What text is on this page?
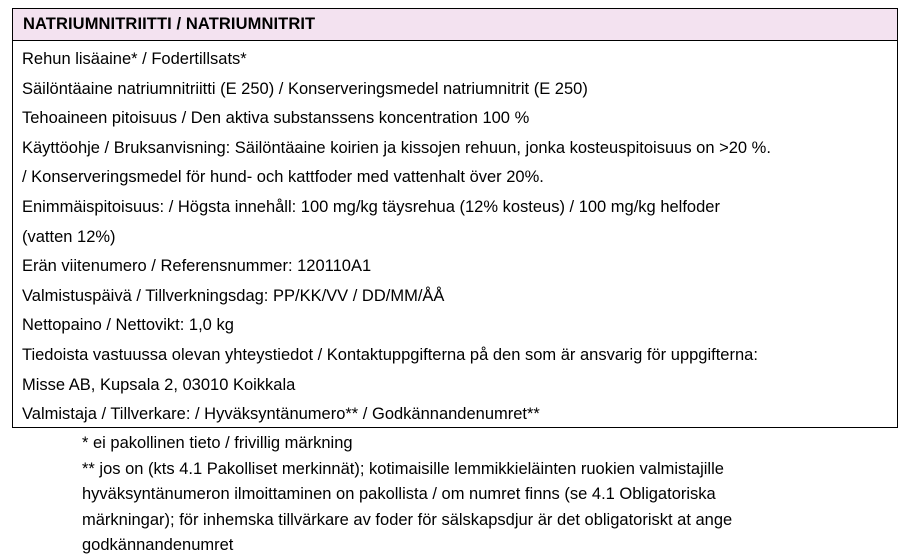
NATRIUMNITRIITTI / NATRIUMNITRIT
Rehun lisäaine* / Fodertillsats*
Säilöntäaine natriumnitriitti (E 250) / Konserveringsmedel natriumnitrit (E 250)
Tehoaineen pitoisuus / Den aktiva substanssens koncentration 100 %
Käyttöohje / Bruksanvisning: Säilöntäaine koirien ja kissojen rehuun, jonka kosteuspitoisuus on >20 %.
/ Konserveringsmedel för hund- och kattfoder med vattenhalt över 20%.
Enimmäispitoisuus: / Högsta innehåll: 100 mg/kg täysrehua (12% kosteus) / 100 mg/kg helfoder
(vatten 12%)
Erän viitenumero / Referensnummer: 120110A1
Valmistuspäivä / Tillverkningsdag: PP/KK/VV / DD/MM/ÅÅ
Nettopaino / Nettovikt: 1,0 kg
Tiedoista vastuussa olevan yhteystiedot / Kontaktuppgifterna på den som är ansvarig för uppgifterna:
Misse AB, Kupsala 2, 03010 Koikkala
Valmistaja / Tillverkare: / Hyväksyntänumero** / Godkännandenumret**
* ei pakollinen tieto / frivillig märkning
** jos on (kts 4.1 Pakolliset merkinnät); kotimaisille lemmikkieläinten ruokien valmistajille
hyväksyntänumeron ilmoittaminen on pakollista / om numret finns (se 4.1 Obligatoriska
märkningar); för inhemska tillvärkare av foder för sälskapsdjur är det obligatoriskt at ange
godkännandenumret
